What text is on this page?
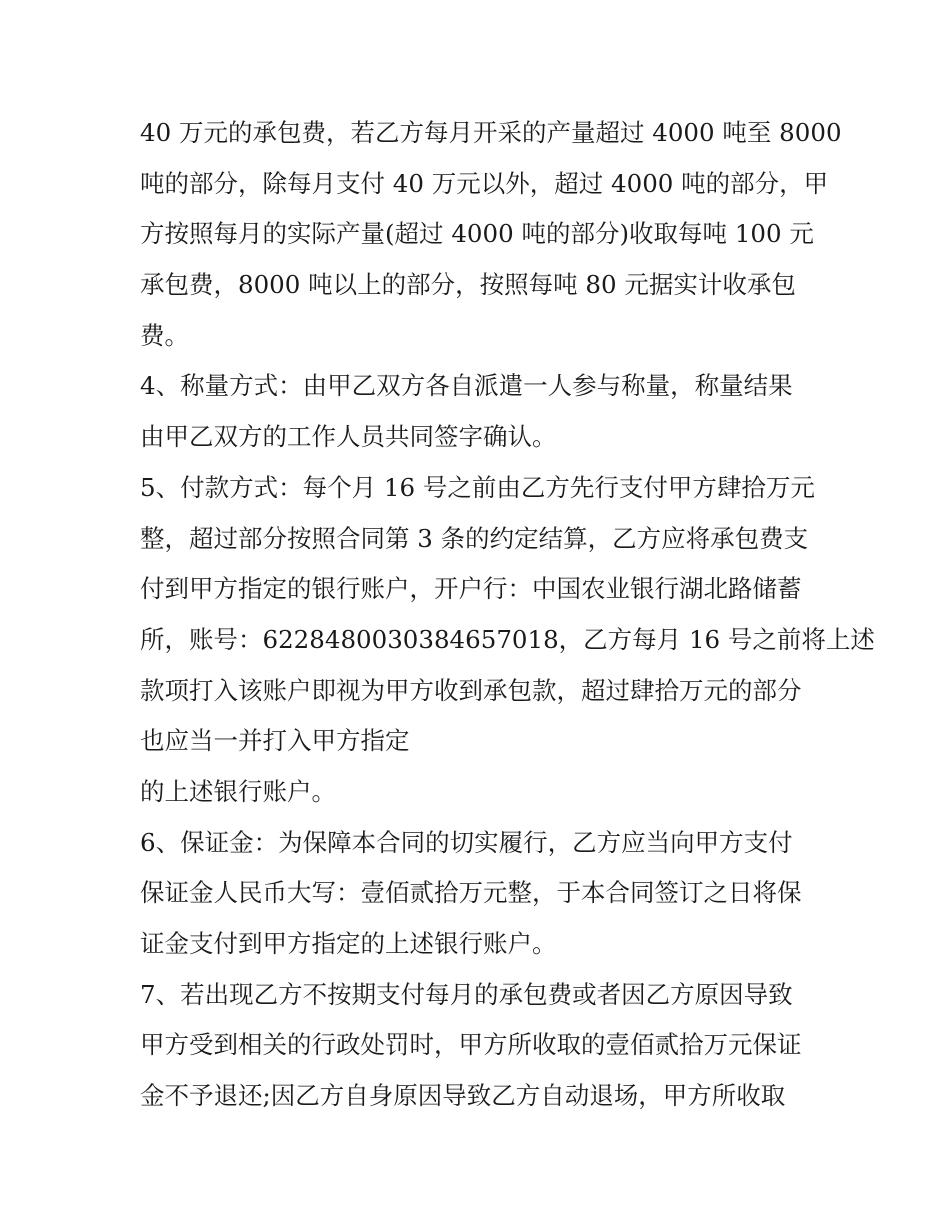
40 万元的承包费，若乙方每月开采的产量超过 4000 吨至 8000
吨的部分，除每月支付 40 万元以外，超过 4000 吨的部分，甲
方按照每月的实际产量(超过 4000 吨的部分)收取每吨 100 元
承包费，8000 吨以上的部分，按照每吨 80 元据实计收承包
费。
4、称量方式：由甲乙双方各自派遣一人参与称量，称量结果
由甲乙双方的工作人员共同签字确认。
5、付款方式：每个月 16 号之前由乙方先行支付甲方肆拾万元
整，超过部分按照合同第 3 条的约定结算，乙方应将承包费支
付到甲方指定的银行账户，开户行：中国农业银行湖北路储蓄
所，账号：6228480030384657018，乙方每月 16 号之前将上述
款项打入该账户即视为甲方收到承包款，超过肆拾万元的部分
也应当一并打入甲方指定
的上述银行账户。
6、保证金：为保障本合同的切实履行，乙方应当向甲方支付
保证金人民币大写：壹佰贰拾万元整，于本合同签订之日将保
证金支付到甲方指定的上述银行账户。
7、若出现乙方不按期支付每月的承包费或者因乙方原因导致
甲方受到相关的行政处罚时，甲方所收取的壹佰贰拾万元保证
金不予退还;因乙方自身原因导致乙方自动退场，甲方所收取
